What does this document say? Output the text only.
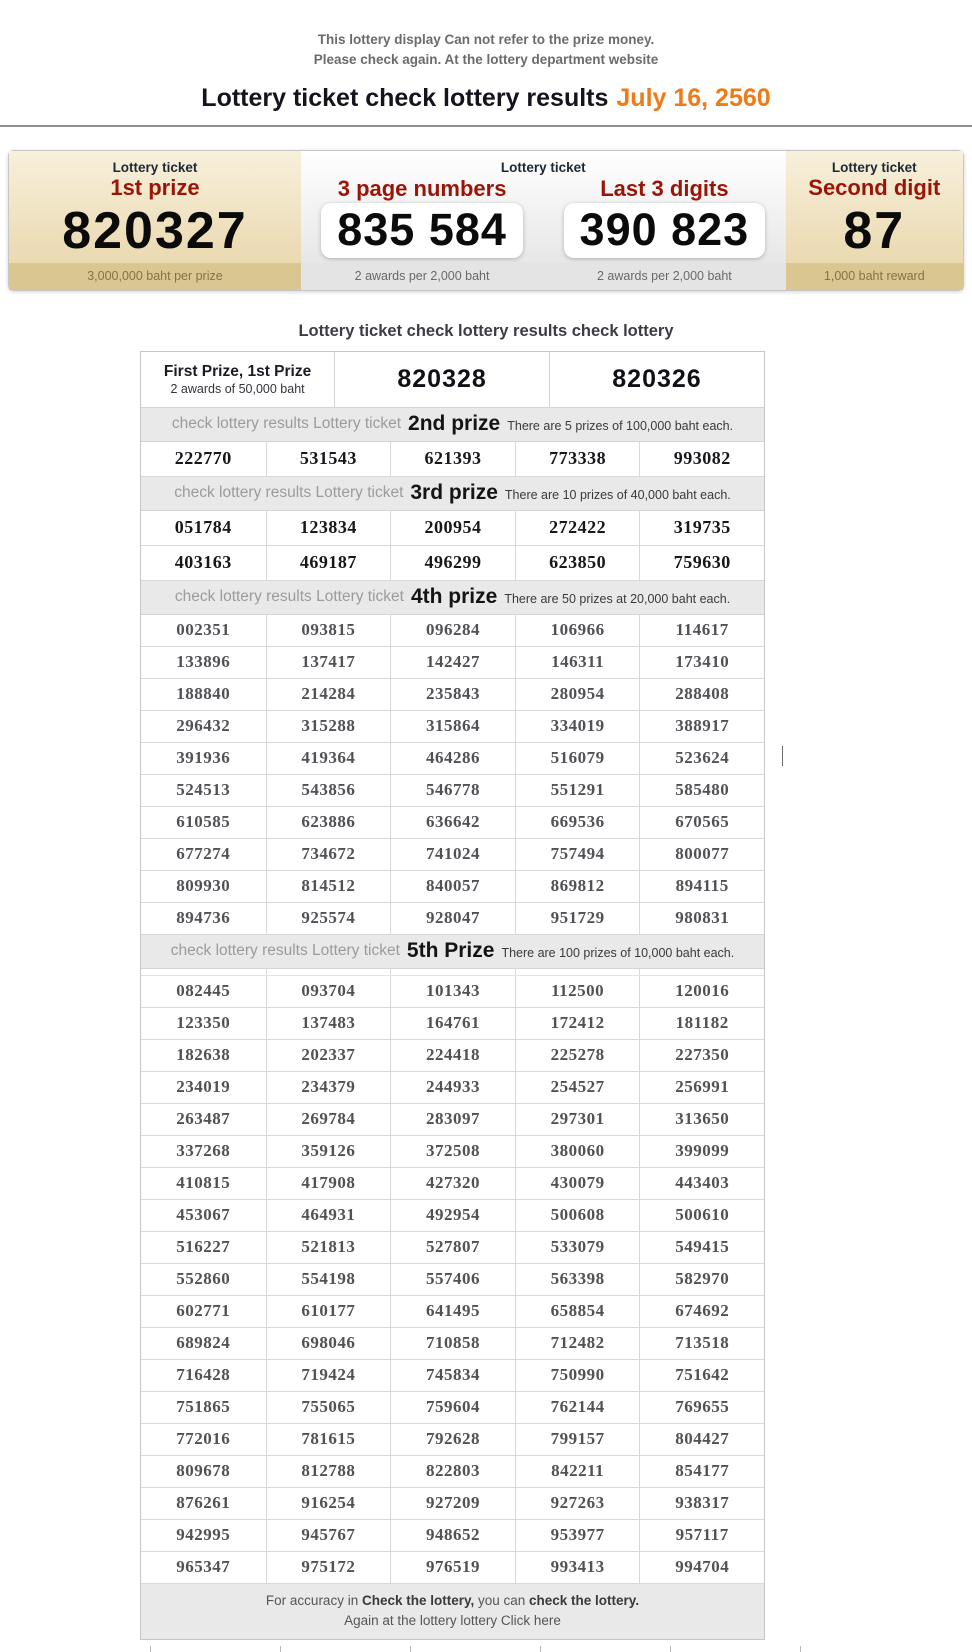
This lottery display Can not refer to the prize money.
Please check again. At the lottery department website
Lottery ticket check lottery results July 16, 2560
Lottery ticket
1st prize
820327
3,000,000 baht per prize
Lottery ticket
3 page numbers
835 584
Last 3 digits
390 823
2 awards per 2,000 baht	2 awards per 2,000 baht
Lottery ticket
Second digit
87
1,000 baht reward
Lottery ticket check lottery results check lottery
First Prize, 1st Prize
2 awards of 50,000 baht	820328	820326
check lottery results Lottery ticket 2nd prize There are 5 prizes of 100,000 baht each.
222770	531543	621393	773338	993082
check lottery results Lottery ticket 3rd prize There are 10 prizes of 40,000 baht each.
051784	123834	200954	272422	319735
403163	469187	496299	623850	759630
check lottery results Lottery ticket 4th prize There are 50 prizes at 20,000 baht each.
002351	093815	096284	106966	114617
133896	137417	142427	146311	173410
188840	214284	235843	280954	288408
296432	315288	315864	334019	388917
391936	419364	464286	516079	523624
524513	543856	546778	551291	585480
610585	623886	636642	669536	670565
677274	734672	741024	757494	800077
809930	814512	840057	869812	894115
894736	925574	928047	951729	980831
check lottery results Lottery ticket 5th Prize There are 100 prizes of 10,000 baht each.
082445	093704	101343	112500	120016
123350	137483	164761	172412	181182
182638	202337	224418	225278	227350
234019	234379	244933	254527	256991
263487	269784	283097	297301	313650
337268	359126	372508	380060	399099
410815	417908	427320	430079	443403
453067	464931	492954	500608	500610
516227	521813	527807	533079	549415
552860	554198	557406	563398	582970
602771	610177	641495	658854	674692
689824	698046	710858	712482	713518
716428	719424	745834	750990	751642
751865	755065	759604	762144	769655
772016	781615	792628	799157	804427
809678	812788	822803	842211	854177
876261	916254	927209	927263	938317
942995	945767	948652	953977	957117
965347	975172	976519	993413	994704
For accuracy in Check the lottery, you can check the lottery.
Again at the lottery lottery Click here
